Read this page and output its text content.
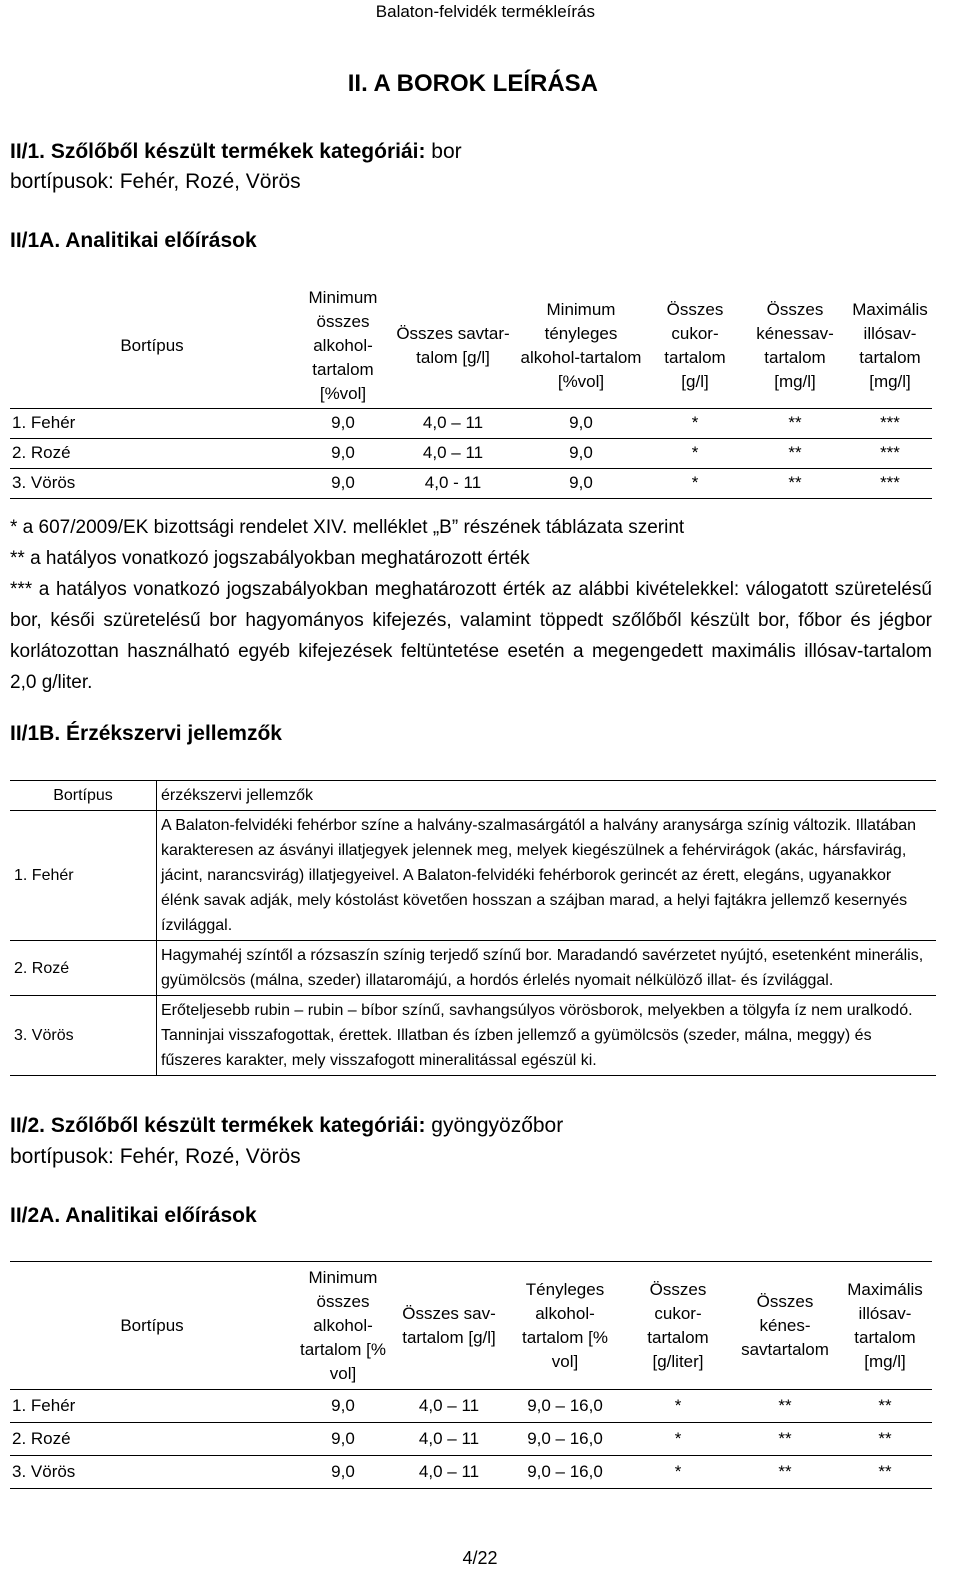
Balaton-felvidék termékleírás
II. A BOROK LEÍRÁSA
II/1. Szőlőből készült termékek kategóriái: bor
bortípusok: Fehér, Rozé, Vörös
II/1A. Analitikai előírások
Bortípus	Minimum összes alkohol-tartalom [%vol]	Összes savtar-talom [g/l]	Minimum tényleges alkohol-tartalom [%vol]	Összes cukor-tartalom [g/l]	Összes kénessav-tartalom [mg/l]	Maximális illósav-tartalom [mg/l]
1. Fehér	9,0	4,0 – 11	9,0	*	**	***
2. Rozé	9,0	4,0 – 11	9,0	*	**	***
3. Vörös	9,0	4,0 - 11	9,0	*	**	***
* a 607/2009/EK bizottsági rendelet XIV. melléklet „B” részének táblázata szerint
** a hatályos vonatkozó jogszabályokban meghatározott érték
*** a hatályos vonatkozó jogszabályokban meghatározott érték az alábbi kivételekkel: válogatott szüretelésű bor, késői szüretelésű bor hagyományos kifejezés, valamint töppedt szőlőből készült bor, főbor és jégbor korlátozottan használható egyéb kifejezések feltüntetése esetén a megengedett maximális illósav-tartalom 2,0 g/liter.
II/1B. Érzékszervi jellemzők
Bortípus	érzékszervi jellemzők
1. Fehér	A Balaton-felvidéki fehérbor színe a halvány-szalmasárgától a halvány aranysárga színig változik. Illatában karakteresen az ásványi illatjegyek jelennek meg, melyek kiegészülnek a fehérvirágok (akác, hársfavirág, jácint, narancsvirág) illatjegyeivel. A Balaton-felvidéki fehérborok gerincét az érett, elegáns, ugyanakkor élénk savak adják, mely kóstolást követően hosszan a szájban marad, a helyi fajtákra jellemző kesernyés ízvilággal.
2. Rozé	Hagymahéj színtől a rózsaszín színig terjedő színű bor. Maradandó savérzetet nyújtó, esetenként minerális, gyümölcsös (málna, szeder) illataromájú, a hordós érlelés nyomait nélkülöző illat- és ízvilággal.
3. Vörös	Erőteljesebb rubin – rubin – bíbor színű, savhangsúlyos vörösborok, melyekben a tölgyfa íz nem uralkodó. Tanninjai visszafogottak, érettek. Illatban és ízben jellemző a gyümölcsös (szeder, málna, meggy) és fűszeres karakter, mely visszafogott mineralitással egészül ki.
II/2. Szőlőből készült termékek kategóriái: gyöngyözőbor
bortípusok: Fehér, Rozé, Vörös
II/2A. Analitikai előírások
Bortípus	Minimum összes alkohol-tartalom [% vol]	Összes sav-tartalom [g/l]	Tényleges alkohol-tartalom [% vol]	Összes cukor-tartalom [g/liter]	Összes kénes-savtartalom	Maximális illósav-tartalom [mg/l]
1. Fehér	9,0	4,0 – 11	9,0 – 16,0	*	**	**
2. Rozé	9,0	4,0 – 11	9,0 – 16,0	*	**	**
3. Vörös	9,0	4,0 – 11	9,0 – 16,0	*	**	**
4/22
